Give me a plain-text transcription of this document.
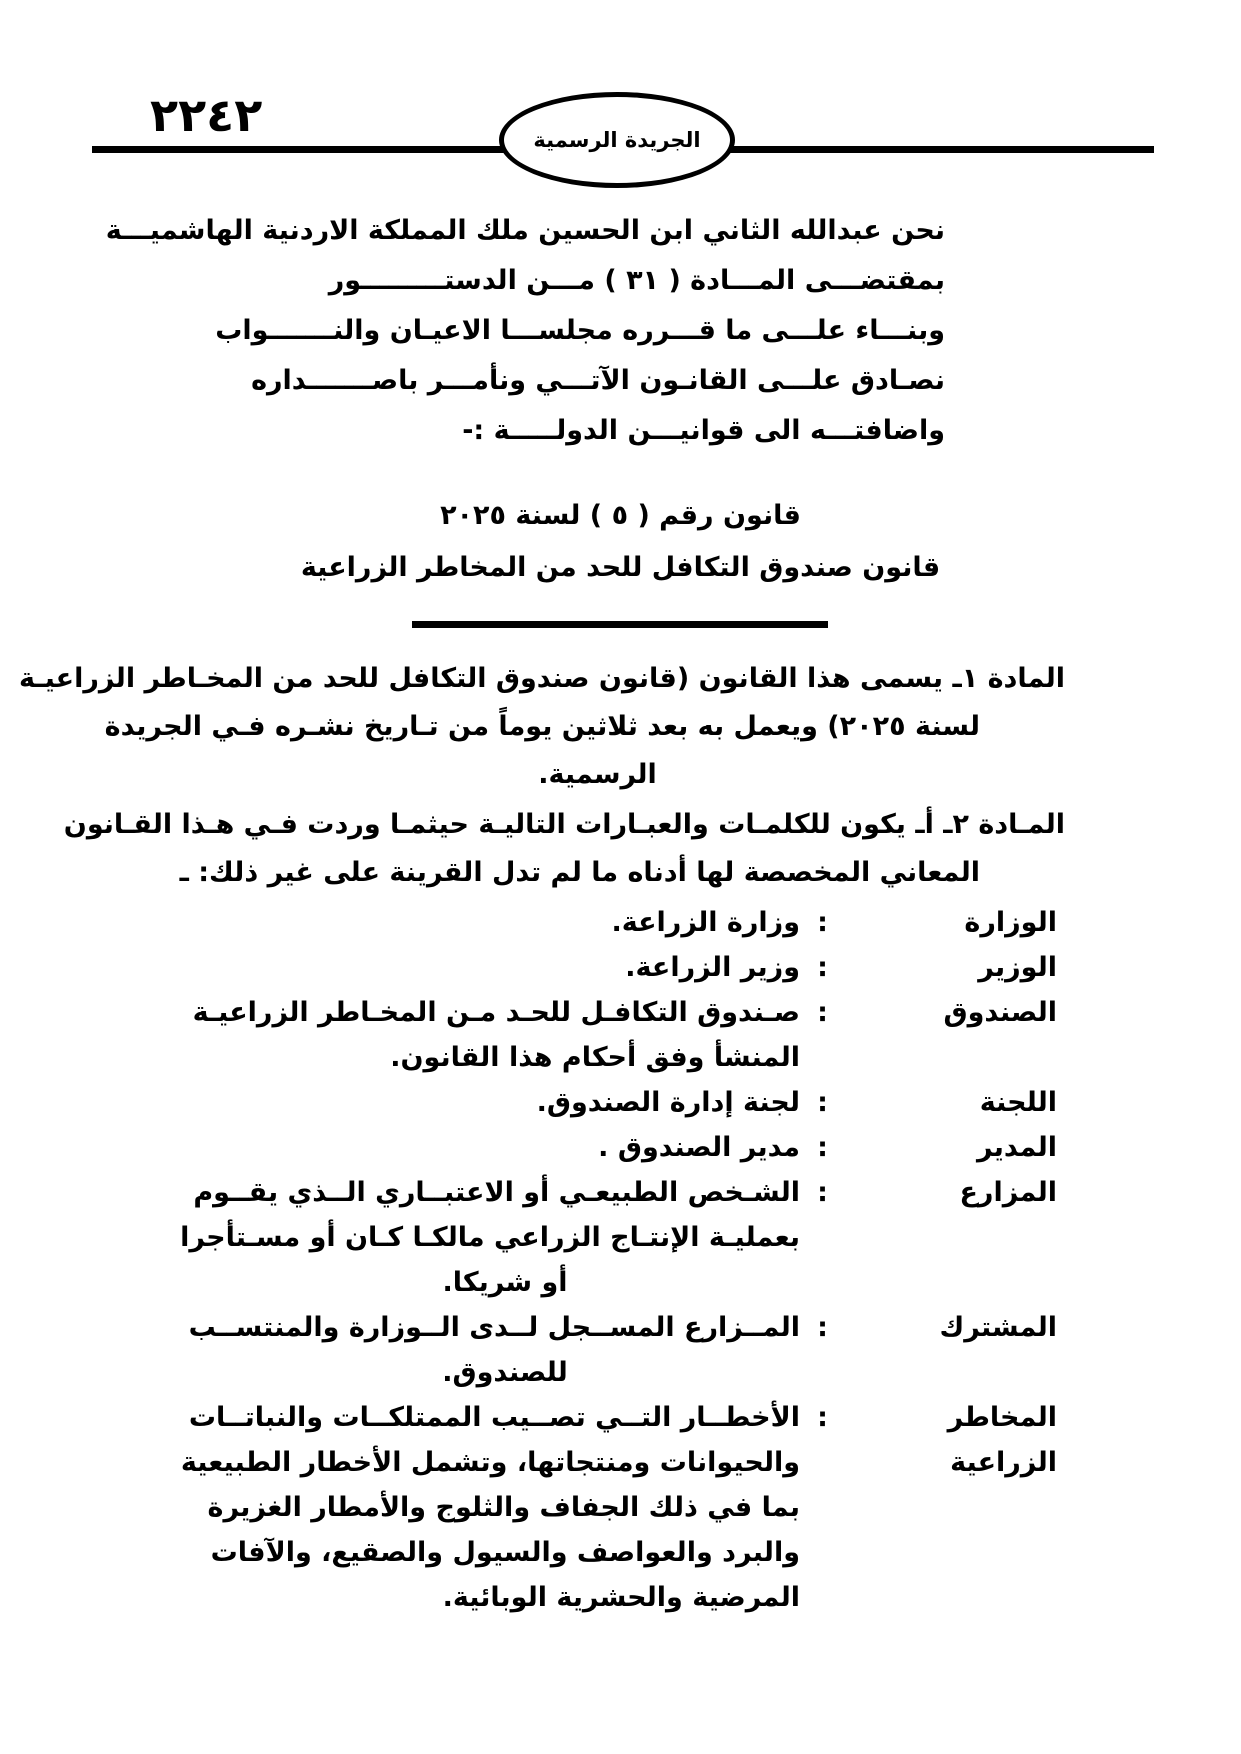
٢٢٤٢	الجريدة الرسمية
نحن عبدالله الثاني ابن الحسين ملك المملكة الاردنية الهاشميـــة
بمقتضـــى المـــادة ( ٣١ ) مـــن الدستـــــــــور
وبنـــاء علـــى ما قـــرره مجلســـا الاعيـان والنـــــــواب
نصـادق علـــى القانـون الآتـــي ونأمـــر باصـــــــداره
واضافتـــه الى قوانيـــن الدولـــــة :-
قانون رقم ( ٥ ) لسنة ٢٠٢٥
قانون صندوق التكافل للحد من المخاطر الزراعية
المادة ١ـ يسمى هذا القانون (قانون صندوق التكافل للحد من المخـاطر الزراعيـة
لسنة ٢٠٢٥) ويعمل به بعد ثلاثين يوماً من تـاريخ نشـره فـي الجريدة
الرسمية.
المـادة ٢ـ أـ يكون للكلمـات والعبـارات التاليـة حيثمـا وردت فـي هـذا القـانون
المعاني المخصصة لها أدناه ما لم تدل القرينة على غير ذلك: ـ
الوزارة
:
وزارة الزراعة.
الوزير
:
وزير الزراعة.
الصندوق
:
صـندوق التكافـل للحـد مـن المخـاطر الزراعيـة
المنشأ وفق أحكام هذا القانون.
اللجنة
:
لجنة إدارة الصندوق.
المدير
:
مدير الصندوق .
المزارع
:
الشـخص الطبيعـي أو الاعتبــاري الــذي يقــوم
بعمليـة الإنتـاج الزراعي مالكـا كـان أو مسـتأجرا
أو شريكا.
المشترك
:
المــزارع المســجل لــدى الــوزارة والمنتســب
للصندوق.
المخاطر الزراعية
:
الأخطــار التــي تصــيب الممتلكــات والنباتــات
والحيوانات ومنتجاتها، وتشمل الأخطار الطبيعية
بما في ذلك الجفاف والثلوج والأمطار الغزيرة
والبرد والعواصف والسيول والصقيع، والآفات
المرضية والحشرية الوبائية.
